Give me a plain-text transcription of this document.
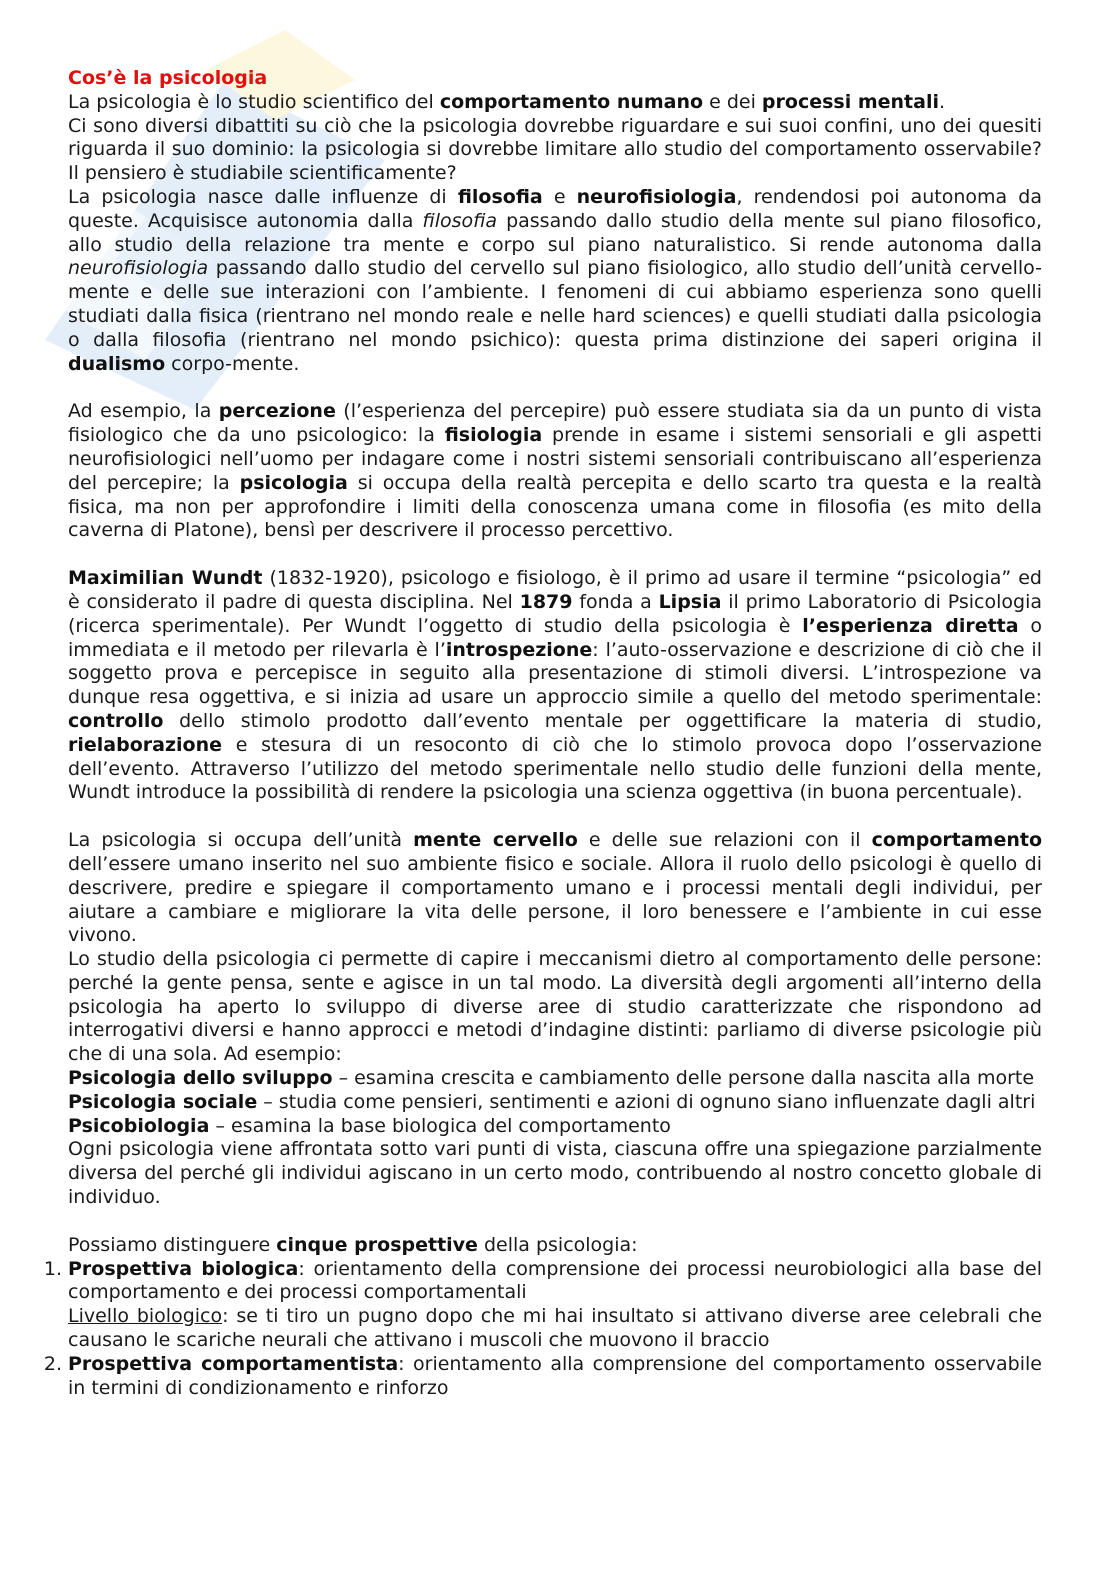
Cos’è la psicologia

La psicologia è lo studio scientifico del comportamento numano e dei processi mentali.

Ci sono diversi dibattiti su ciò che la psicologia dovrebbe riguardare e sui suoi confini, uno dei quesiti riguarda il suo dominio: la psicologia si dovrebbe limitare allo studio del comportamento osservabile? Il pensiero è studiabile scientificamente?

La psicologia nasce dalle influenze di filosofia e neurofisiologia, rendendosi poi autonoma da queste. Acquisisce autonomia dalla filosofia passando dallo studio della mente sul piano filosofico, allo studio della relazione tra mente e corpo sul piano naturalistico. Si rende autonoma dalla neurofisiologia passando dallo studio del cervello sul piano fisiologico, allo studio dell’unità cervello-mente e delle sue interazioni con l’ambiente. I fenomeni di cui abbiamo esperienza sono quelli studiati dalla fisica (rientrano nel mondo reale e nelle hard sciences) e quelli studiati dalla psicologia o dalla filosofia (rientrano nel mondo psichico): questa prima distinzione dei saperi origina il dualismo corpo-mente.

Ad esempio, la percezione (l’esperienza del percepire) può essere studiata sia da un punto di vista fisiologico che da uno psicologico: la fisiologia prende in esame i sistemi sensoriali e gli aspetti neurofisiologici nell’uomo per indagare come i nostri sistemi sensoriali contribuiscano all’esperienza del percepire; la psicologia si occupa della realtà percepita e dello scarto tra questa e la realtà fisica, ma non per approfondire i limiti della conoscenza umana come in filosofia (es mito della caverna di Platone), bensì per descrivere il processo percettivo.

Maximilian Wundt (1832-1920), psicologo e fisiologo, è il primo ad usare il termine “psicologia” ed è considerato il padre di questa disciplina. Nel 1879 fonda a Lipsia il primo Laboratorio di Psicologia (ricerca sperimentale). Per Wundt l’oggetto di studio della psicologia è l’esperienza diretta o immediata e il metodo per rilevarla è l’introspezione: l’auto-osservazione e descrizione di ciò che il soggetto prova e percepisce in seguito alla presentazione di stimoli diversi. L’introspezione va dunque resa oggettiva, e si inizia ad usare un approccio simile a quello del metodo sperimentale: controllo dello stimolo prodotto dall’evento mentale per oggettificare la materia di studio, rielaborazione e stesura di un resoconto di ciò che lo stimolo provoca dopo l’osservazione dell’evento. Attraverso l’utilizzo del metodo sperimentale nello studio delle funzioni della mente, Wundt introduce la possibilità di rendere la psicologia una scienza oggettiva (in buona percentuale).

La psicologia si occupa dell’unità mente cervello e delle sue relazioni con il comportamento dell’essere umano inserito nel suo ambiente fisico e sociale. Allora il ruolo dello psicologi è quello di descrivere, predire e spiegare il comportamento umano e i processi mentali degli individui, per aiutare a cambiare e migliorare la vita delle persone, il loro benessere e l’ambiente in cui esse vivono.

Lo studio della psicologia ci permette di capire i meccanismi dietro al comportamento delle persone: perché la gente pensa, sente e agisce in un tal modo. La diversità degli argomenti all’interno della psicologia ha aperto lo sviluppo di diverse aree di studio caratterizzate che rispondono ad interrogativi diversi e hanno approcci e metodi d’indagine distinti: parliamo di diverse psicologie più che di una sola. Ad esempio:

Psicologia dello sviluppo – esamina crescita e cambiamento delle persone dalla nascita alla morte

Psicologia sociale – studia come pensieri, sentimenti e azioni di ognuno siano influenzate dagli altri

Psicobiologia – esamina la base biologica del comportamento

Ogni psicologia viene affrontata sotto vari punti di vista, ciascuna offre una spiegazione parzialmente diversa del perché gli individui agiscano in un certo modo, contribuendo al nostro concetto globale di individuo.

Possiamo distinguere cinque prospettive della psicologia:

1. Prospettiva biologica: orientamento della comprensione dei processi neurobiologici alla base del comportamento e dei processi comportamentali

Livello biologico: se ti tiro un pugno dopo che mi hai insultato si attivano diverse aree celebrali che causano le scariche neurali che attivano i muscoli che muovono il braccio

2. Prospettiva comportamentista: orientamento alla comprensione del comportamento osservabile in termini di condizionamento e rinforzo
